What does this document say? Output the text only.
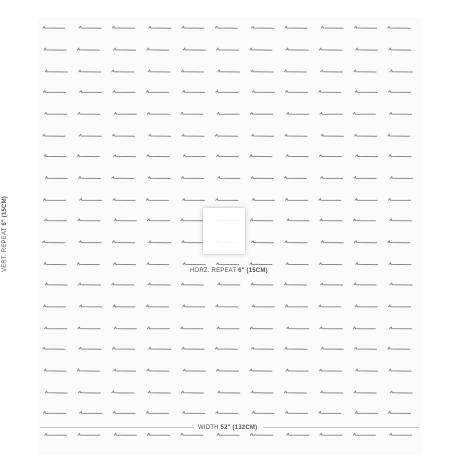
HORZ. REPEAT 6" (15CM)
VERT. REPEAT 6" (15CM)
WIDTH 52" (132CM)
